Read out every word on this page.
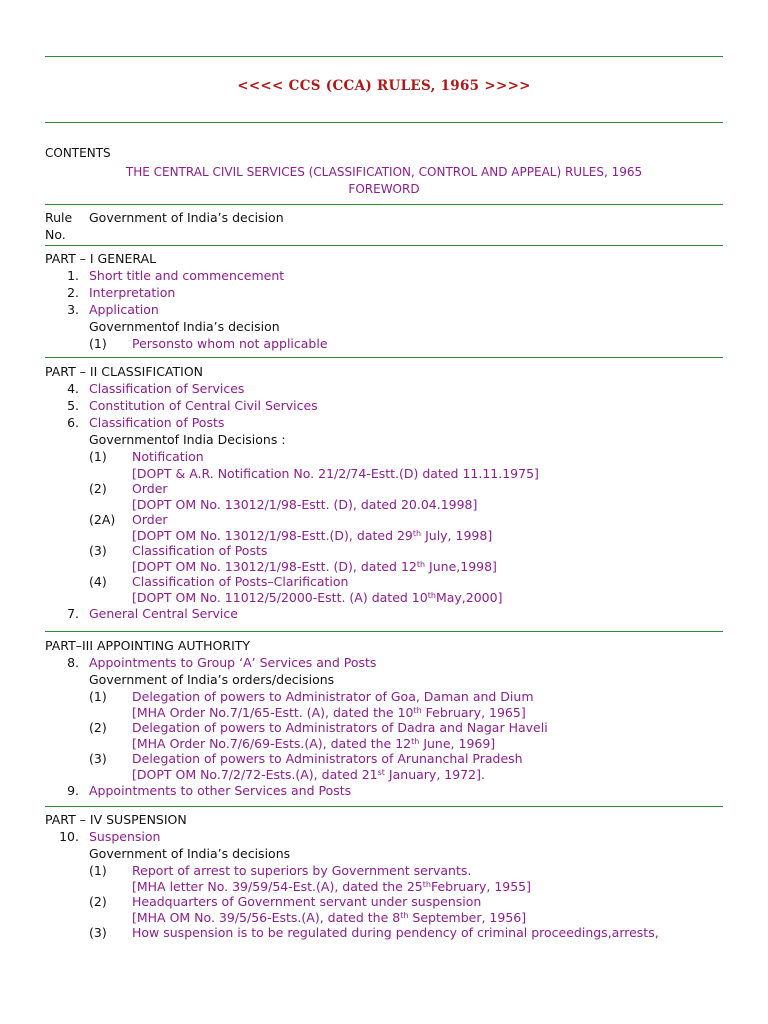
<<<< CCS (CCA) RULES, 1965 >>>>
CONTENTS
THE CENTRAL CIVIL SERVICES (CLASSIFICATION, CONTROL AND APPEAL) RULES, 1965
FOREWORD
Rule Government of India’s decision
No.
PART – I GENERAL
1. Short title and commencement
2. Interpretation
3. Application
Governmentof India’s decision
(1) Personsto whom not applicable
PART – II CLASSIFICATION
4. Classification of Services
5. Constitution of Central Civil Services
6. Classification of Posts
Governmentof India Decisions :
(1) Notification
[DOPT & A.R. Notification No. 21/2/74-Estt.(D) dated 11.11.1975]
(2) Order
[DOPT OM No. 13012/1/98-Estt. (D), dated 20.04.1998]
(2A) Order
[DOPT OM No. 13012/1/98-Estt.(D), dated 29th July, 1998]
(3) Classification of Posts
[DOPT OM No. 13012/1/98-Estt. (D), dated 12th June,1998]
(4) Classification of Posts–Clarification
[DOPT OM No. 11012/5/2000-Estt. (A) dated 10thMay,2000]
7. General Central Service
PART–III APPOINTING AUTHORITY
8. Appointments to Group ‘A’ Services and Posts
Government of India’s orders/decisions
(1) Delegation of powers to Administrator of Goa, Daman and Dium
[MHA Order No.7/1/65-Estt. (A), dated the 10th February, 1965]
(2) Delegation of powers to Administrators of Dadra and Nagar Haveli
[MHA Order No.7/6/69-Ests.(A), dated the 12th June, 1969]
(3) Delegation of powers to Administrators of Arunanchal Pradesh
[DOPT OM No.7/2/72-Ests.(A), dated 21st January, 1972].
9. Appointments to other Services and Posts
PART – IV SUSPENSION
10. Suspension
Government of India’s decisions
(1) Report of arrest to superiors by Government servants.
[MHA letter No. 39/59/54-Est.(A), dated the 25thFebruary, 1955]
(2) Headquarters of Government servant under suspension
[MHA OM No. 39/5/56-Ests.(A), dated the 8th September, 1956]
(3) How suspension is to be regulated during pendency of criminal proceedings,arrests,
